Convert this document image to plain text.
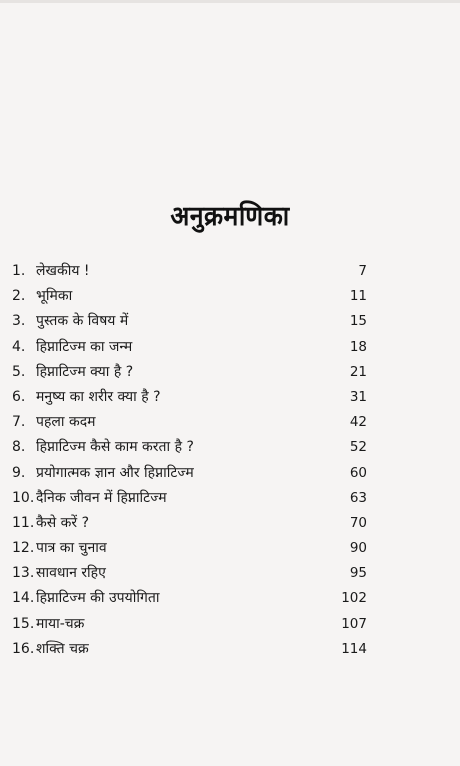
अनुक्रमणिका
1. लेखकीय !	7
2. भूमिका	11
3. पुस्तक के विषय में	15
4. हिप्नाटिज्म का जन्म	18
5. हिप्नाटिज्म क्या है ?	21
6. मनुष्य का शरीर क्या है ?	31
7. पहला कदम	42
8. हिप्नाटिज्म कैसे काम करता है ?	52
9. प्रयोगात्मक ज्ञान और हिप्नाटिज्म	60
10. दैनिक जीवन में हिप्नाटिज्म	63
11. कैसे करें ?	70
12. पात्र का चुनाव	90
13. सावधान रहिए	95
14. हिप्नाटिज्म की उपयोगिता	102
15. माया-चक्र	107
16. शक्ति चक्र	114
